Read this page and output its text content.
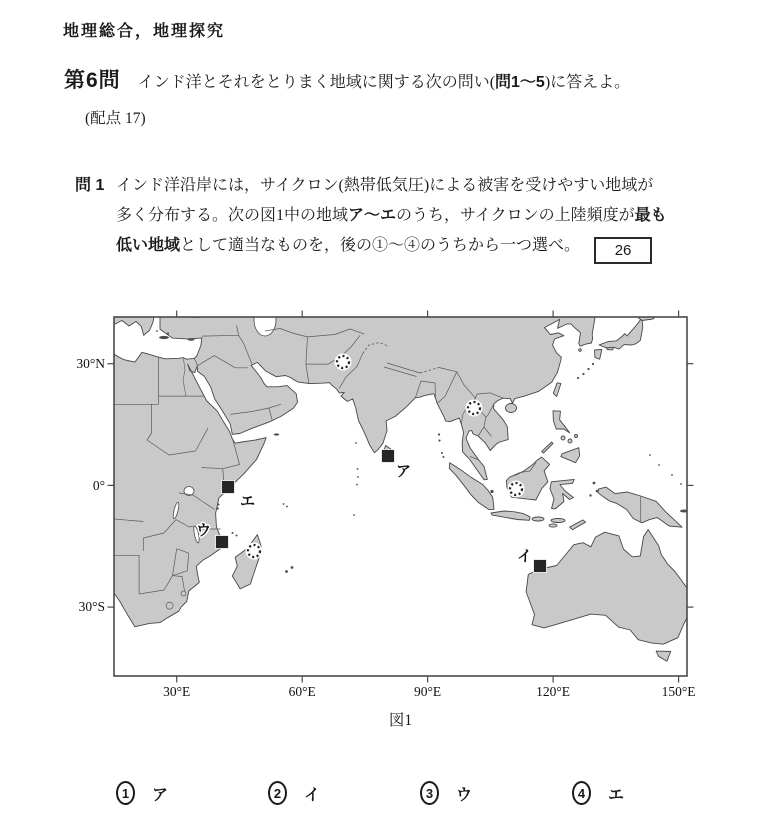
地理総合，地理探究
第6問 インド洋とそれをとりまく地域に関する次の問い(問1～5)に答えよ。
(配点 17)
問 1 インド洋沿岸には，サイクロン(熱帯低気圧)による被害を受けやすい地域が
多く分布する。次の図1中の地域ア～エのうち，サイクロンの上陸頻度が最も
低い地域として適当なものを，後の①～④のうちから一つ選べ。 26
30°N
0°
30°S
30°E	60°E	90°E	120°E	150°E
ア
イ
ウ
エ
図1
1	ア	2	イ	3	ウ	4	エ
